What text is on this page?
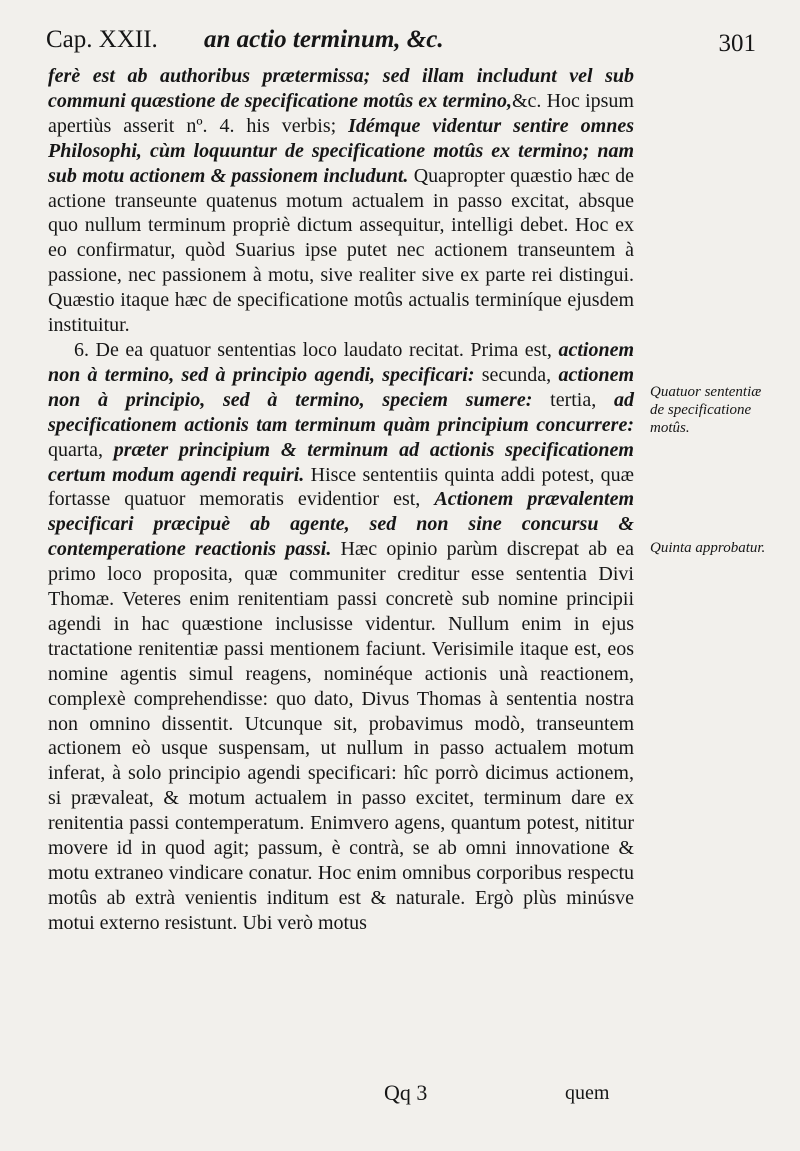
Cap. XXII. an actio terminum, &c.	301

ferè est ab authoribus prætermissa; sed illam includunt vel sub communi quæstione de specificatione motûs ex termino,&c. Hoc ipsum apertiùs asserit nº. 4. his verbis; Idémque videntur sentire omnes Philosophi, cùm loquuntur de specificatione motûs ex termino; nam sub motu actionem & passionem includunt. Quapropter quæstio hæc de actione transeunte quatenus motum actualem in passo excitat, absque quo nullum terminum propriè dictum assequitur, intelligi debet. Hoc ex eo confirmatur, quòd Suarius ipse putet nec actionem transeuntem à passione, nec passionem à motu, sive realiter sive ex parte rei distingui. Quæstio itaque hæc de specificatione motûs actualis terminíque ejusdem instituitur.

6. De ea quatuor sententias loco laudato recitat. Prima est, actionem non à termino, sed à principio agendi, specificari: secunda, actionem non à principio, sed à termino, speciem sumere: tertia, ad specificationem actionis tam terminum quàm principium concurrere: quarta, præter principium & terminum ad actionis specificationem certum modum agendi requiri. Hisce sententiis quinta addi potest, quæ fortasse quatuor memoratis evidentior est, Actionem prævalentem specificari præcipuè ab agente, sed non sine concursu & contemperatione reactionis passi. Hæc opinio parùm discrepat ab ea primo loco proposita, quæ communiter creditur esse sententia Divi Thomæ. Veteres enim renitentiam passi concretè sub nomine principii agendi in hac quæstione inclusisse videntur. Nullum enim in ejus tractatione renitentiæ passi mentionem faciunt. Verisimile itaque est, eos nomine agentis simul reagens, nominéque actionis unà reactionem, complexè comprehendisse: quo dato, Divus Thomas à sententia nostra non omnino dissentit. Utcunque sit, probavimus modò, transeuntem actionem eò usque suspensam, ut nullum in passo actualem motum inferat, à solo principio agendi specificari: hîc porrò dicimus actionem, si prævaleat, & motum actualem in passo excitet, terminum dare ex renitentia passi contemperatum. Enimvero agens, quantum potest, nititur movere id in quod agit; passum, è contrà, se ab omni innovatione & motu extraneo vindicare conatur. Hoc enim omnibus corporibus respectu motûs ab extrà venientis inditum est & naturale. Ergò plùs minúsve motui externo resistunt. Ubi verò motus

Quatuor sententiæ de specificatione motûs.
Quinta approbatur.
Qq 3	quem
